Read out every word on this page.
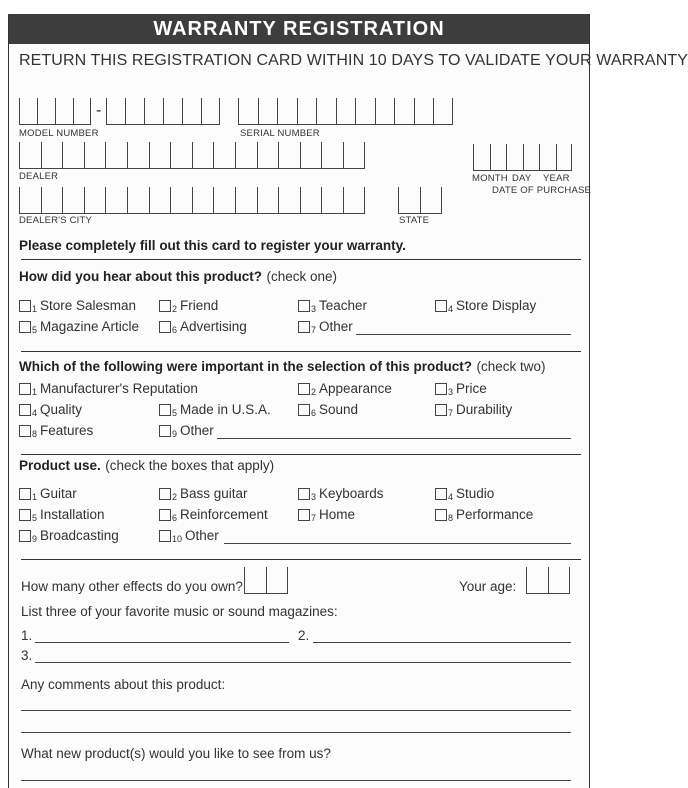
WARRANTY REGISTRATION
RETURN THIS REGISTRATION CARD WITHIN 10 DAYS TO VALIDATE YOUR WARRANTY
-
MODEL NUMBER	SERIAL NUMBER
DEALER	MONTH DAY YEAR
DATE OF PURCHASE
DEALER'S CITY	STATE
Please completely fill out this card to register your warranty.
How did you hear about this product? (check one)
1 Store Salesman	2 Friend	3 Teacher	4 Store Display
5 Magazine Article	6 Advertising	7 Other
Which of the following were important in the selection of this product? (check two)
1 Manufacturer's Reputation	2 Appearance	3 Price
4 Quality	5 Made in U.S.A.	6 Sound	7 Durability
8 Features	9 Other
Product use. (check the boxes that apply)
1 Guitar	2 Bass guitar	3 Keyboards	4 Studio
5 Installation	6 Reinforcement	7 Home	8 Performance
9 Broadcasting	10 Other
How many other effects do you own?	Your age:
List three of your favorite music or sound magazines:
1.	2.
3.
Any comments about this product:
What new product(s) would you like to see from us?
